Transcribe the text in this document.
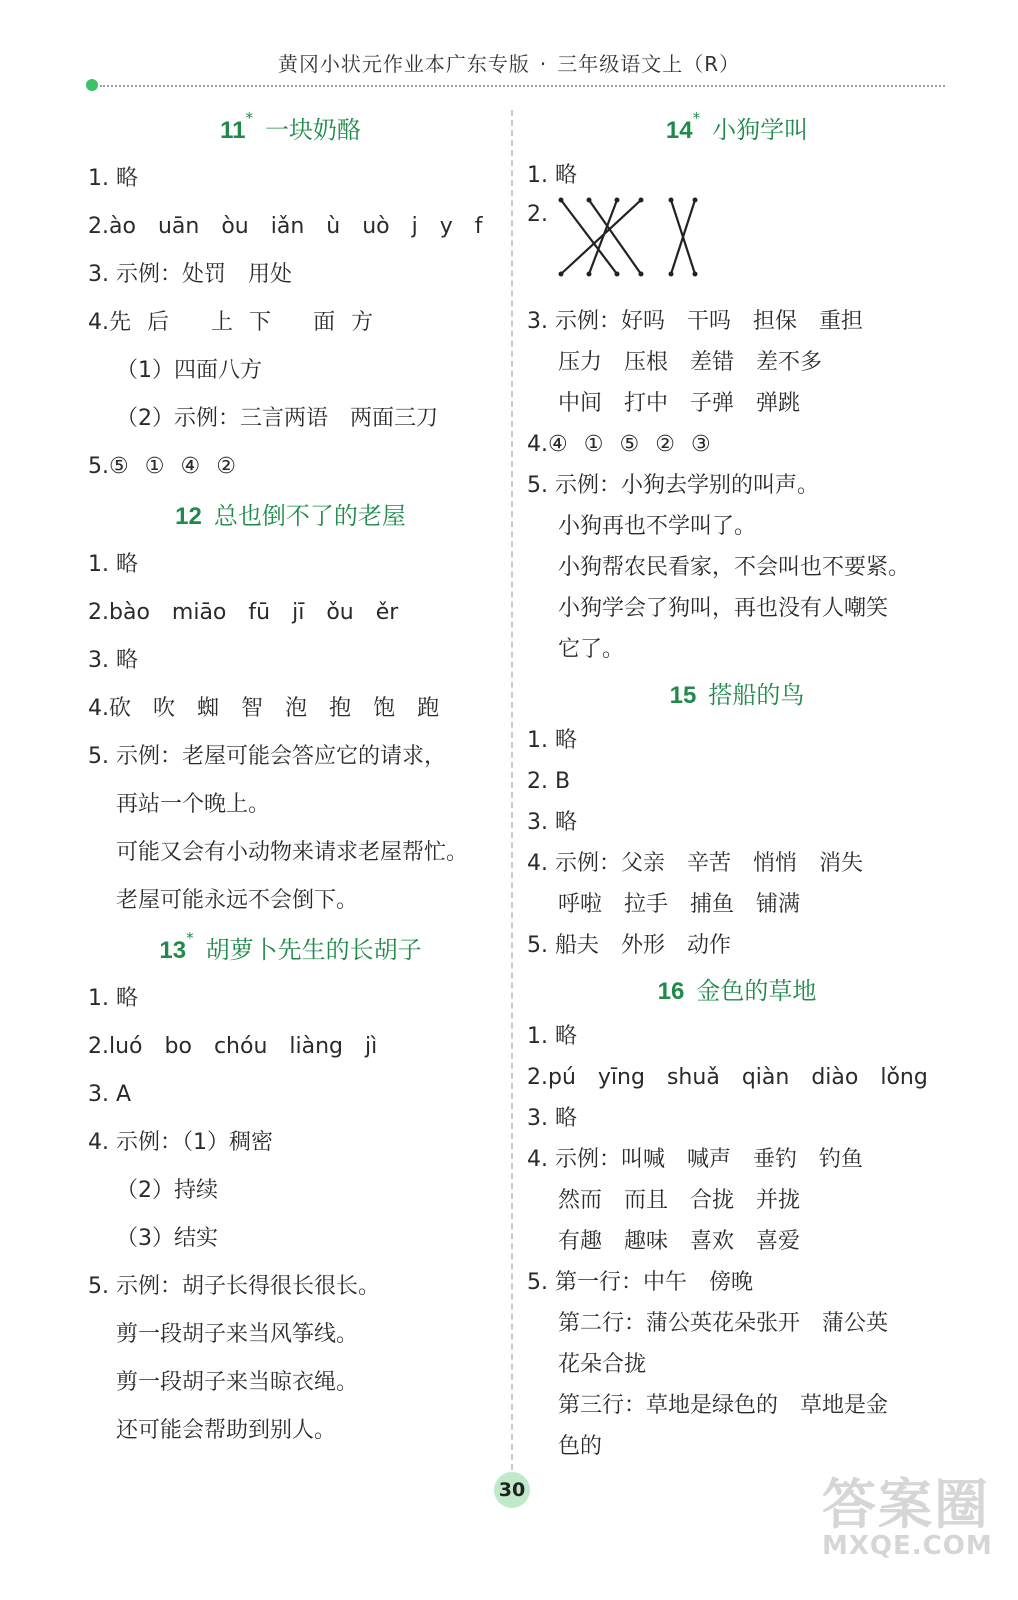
黄冈小状元作业本广东专版 · 三年级语文上（R）
11* 一块奶酪
1. 略
2.ào uān òu iǎn ù uò j y f
3. 示例：处罚　用处
4.先 后 上 下 面 方
（1）四面八方
（2）示例：三言两语　两面三刀
5.⑤ ① ④ ②
12 总也倒不了的老屋
1. 略
2.bào miāo fū jī ǒu ěr
3. 略
4.砍 吹 蜘 智 泡 抱 饱 跑
5. 示例：老屋可能会答应它的请求，
再站一个晚上。
可能又会有小动物来请求老屋帮忙。
老屋可能永远不会倒下。
13* 胡萝卜先生的长胡子
1. 略
2.luó bo chóu liàng jì
3. A
4. 示例：（1）稠密
（2）持续
（3）结实
5. 示例：胡子长得很长很长。
剪一段胡子来当风筝线。
剪一段胡子来当晾衣绳。
还可能会帮助到别人。
14* 小狗学叫
1. 略
2.
3. 示例：好吗　干吗　担保　重担
压力　压根　差错　差不多
中间　打中　子弹　弹跳
4.④ ① ⑤ ② ③
5. 示例：小狗去学别的叫声。
小狗再也不学叫了。
小狗帮农民看家，不会叫也不要紧。
小狗学会了狗叫，再也没有人嘲笑
它了。
15 搭船的鸟
1. 略
2. B
3. 略
4. 示例：父亲　辛苦　悄悄　消失
呼啦　拉手　捕鱼　铺满
5. 船夫　外形　动作
16 金色的草地
1. 略
2.pú yīng shuǎ qiàn diào lǒng
3. 略
4. 示例：叫喊　喊声　垂钓　钓鱼
然而　而且　合拢　并拢
有趣　趣味　喜欢　喜爱
5. 第一行：中午　傍晚
第二行：蒲公英花朵张开　蒲公英
花朵合拢
第三行：草地是绿色的　草地是金
色的
30	答案圈
MXQE.COM
